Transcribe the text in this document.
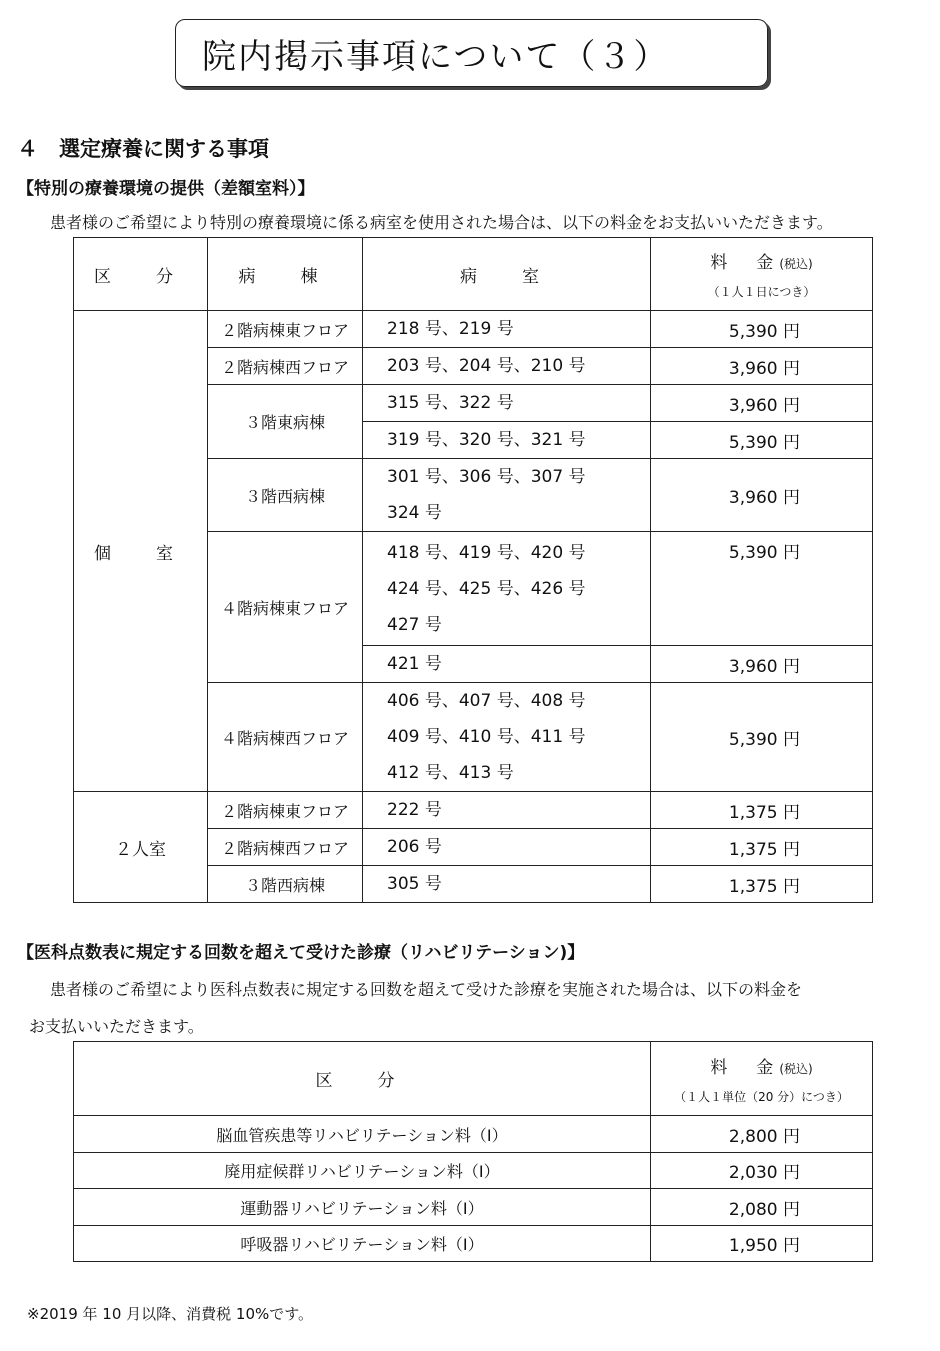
院内掲示事項について（３）
４　選定療養に関する事項
【特別の療養環境の提供（差額室料）】
患者様のご希望により特別の療養環境に係る病室を使用された場合は、以下の料金をお支払いいただきます。
区　分	病　棟	病　室	料　金(税込)
（１人１日につき）

個　室	２階病棟東フロア	218 号、219 号	5,390 円
	２階病棟西フロア	203 号、204 号、210 号	3,960 円
	３階東病棟	315 号、322 号	3,960 円

		319 号、320 号、321 号	5,390 円
	３階西病棟	301 号、306 号、307 号
324 号	3,960 円
	４階病棟東フロア	418 号、419 号、420 号
424 号、425 号、426 号
427 号	5,390 円

		421 号	3,960 円
	４階病棟西フロア	406 号、407 号、408 号
409 号、410 号、411 号
412 号、413 号	5,390 円
２人室	２階病棟東フロア	222 号	1,375 円
	２階病棟西フロア	206 号	1,375 円
	３階西病棟	305 号	1,375 円
【医科点数表に規定する回数を超えて受けた診療（リハビリテーション)】
患者様のご希望により医科点数表に規定する回数を超えて受けた診療を実施された場合は、以下の料金を
お支払いいただきます。
区　分	料　金(税込)
（１人１単位（20 分）につき）

脳血管疾患等リハビリテーション料（Ⅰ）	2,800 円
廃用症候群リハビリテーション料（Ⅰ）	2,030 円
運動器リハビリテーション料（Ⅰ）	2,080 円
呼吸器リハビリテーション料（Ⅰ）	1,950 円
※2019 年 10 月以降、消費税 10%です。
